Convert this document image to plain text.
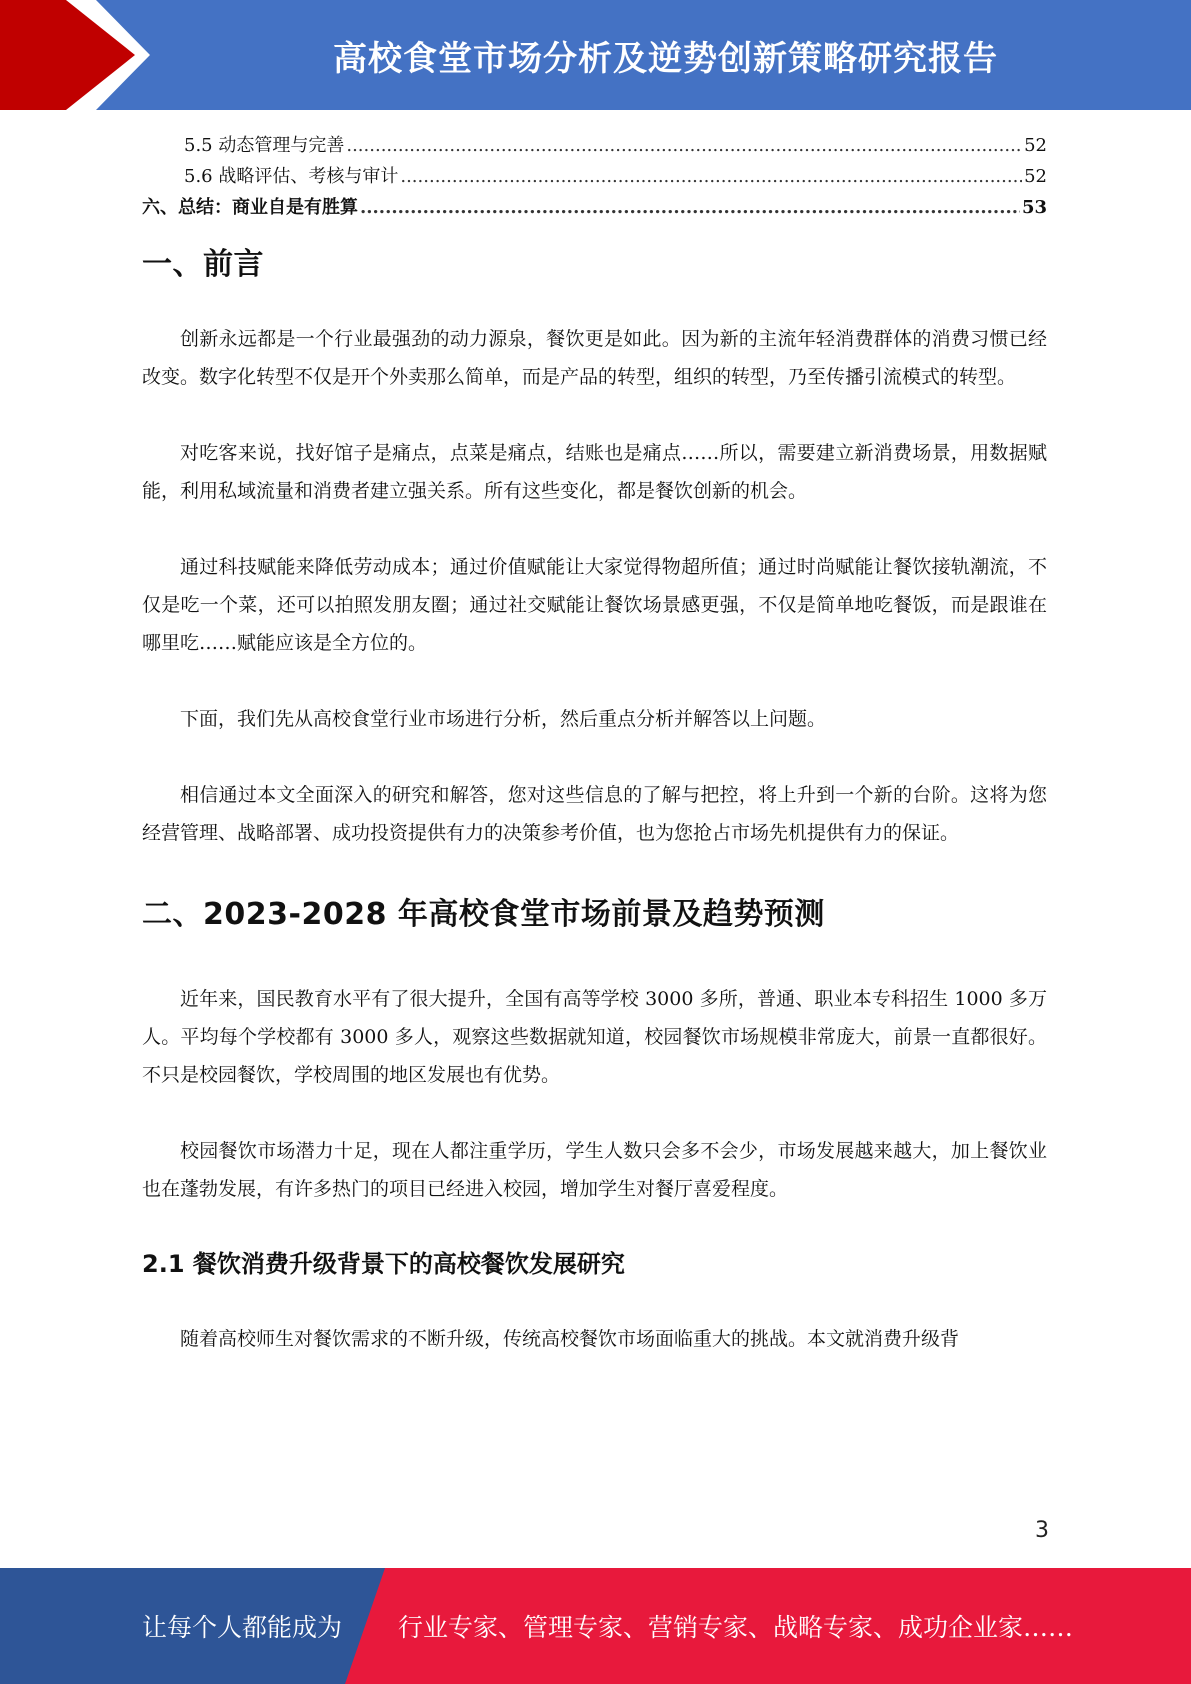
高校食堂市场分析及逆势创新策略研究报告
5.5 动态管理与完善 .....	52
5.6 战略评估、考核与审计 .....	52
六、总结：商业自是有胜算 .....	53
一、前言

创新永远都是一个行业最强劲的动力源泉，餐饮更是如此。因为新的主流年轻消费群体的消费习惯已经改变。数字化转型不仅是开个外卖那么简单，而是产品的转型，组织的转型，乃至传播引流模式的转型。

对吃客来说，找好馆子是痛点，点菜是痛点，结账也是痛点……所以，需要建立新消费场景，用数据赋能，利用私域流量和消费者建立强关系。所有这些变化，都是餐饮创新的机会。

通过科技赋能来降低劳动成本；通过价值赋能让大家觉得物超所值；通过时尚赋能让餐饮接轨潮流，不仅是吃一个菜，还可以拍照发朋友圈；通过社交赋能让餐饮场景感更强，不仅是简单地吃餐饭，而是跟谁在哪里吃……赋能应该是全方位的。

下面，我们先从高校食堂行业市场进行分析，然后重点分析并解答以上问题。

相信通过本文全面深入的研究和解答，您对这些信息的了解与把控，将上升到一个新的台阶。这将为您经营管理、战略部署、成功投资提供有力的决策参考价值，也为您抢占市场先机提供有力的保证。

二、2023-2028 年高校食堂市场前景及趋势预测

近年来，国民教育水平有了很大提升，全国有高等学校 3000 多所，普通、职业本专科招生 1000 多万人。平均每个学校都有 3000 多人，观察这些数据就知道，校园餐饮市场规模非常庞大，前景一直都很好。不只是校园餐饮，学校周围的地区发展也有优势。

校园餐饮市场潜力十足，现在人都注重学历，学生人数只会多不会少，市场发展越来越大，加上餐饮业也在蓬勃发展，有许多热门的项目已经进入校园，增加学生对餐厅喜爱程度。

2.1 餐饮消费升级背景下的高校餐饮发展研究

随着高校师生对餐饮需求的不断升级，传统高校餐饮市场面临重大的挑战。本文就消费升级背

3
让每个人都能成为 行业专家、管理专家、营销专家、战略专家、成功企业家……
